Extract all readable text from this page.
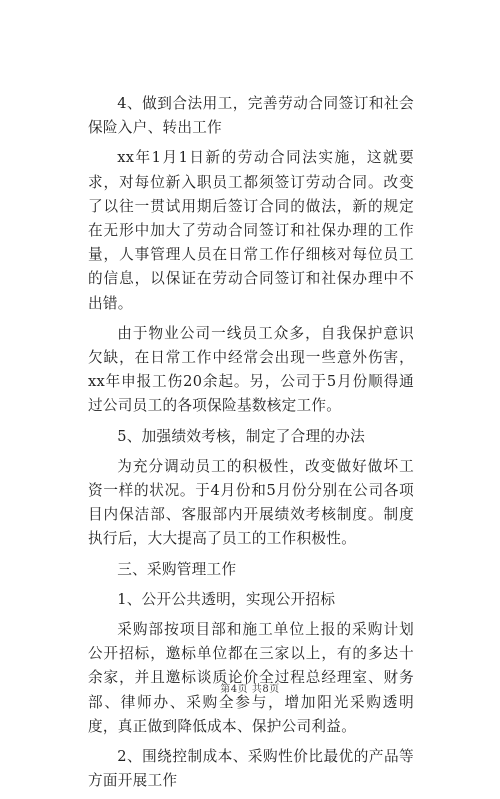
4、做到合法用工，完善劳动合同签订和社会保险入户、转出工作

xx年1月1日新的劳动合同法实施，这就要求，对每位新入职员工都须签订劳动合同。改变了以往一贯试用期后签订合同的做法，新的规定在无形中加大了劳动合同签订和社保办理的工作量，人事管理人员在日常工作仔细核对每位员工的信息，以保证在劳动合同签订和社保办理中不出错。

由于物业公司一线员工众多，自我保护意识欠缺，在日常工作中经常会出现一些意外伤害，xx年申报工伤20余起。另，公司于5月份顺得通过公司员工的各项保险基数核定工作。

5、加强绩效考核，制定了合理的办法

为充分调动员工的积极性，改变做好做坏工资一样的状况。于4月份和5月份分别在公司各项目内保洁部、客服部内开展绩效考核制度。制度执行后，大大提高了员工的工作积极性。

三、采购管理工作

1、公开公共透明，实现公开招标

采购部按项目部和施工单位上报的采购计划公开招标，邀标单位都在三家以上，有的多达十余家，并且邀标谈质论价全过程总经理室、财务部、律师办、采购全参与，增加阳光采购透明度，真正做到降低成本、保护公司利益。

2、围绕控制成本、采购性价比最优的产品等方面开展工作

第4页 共8页
